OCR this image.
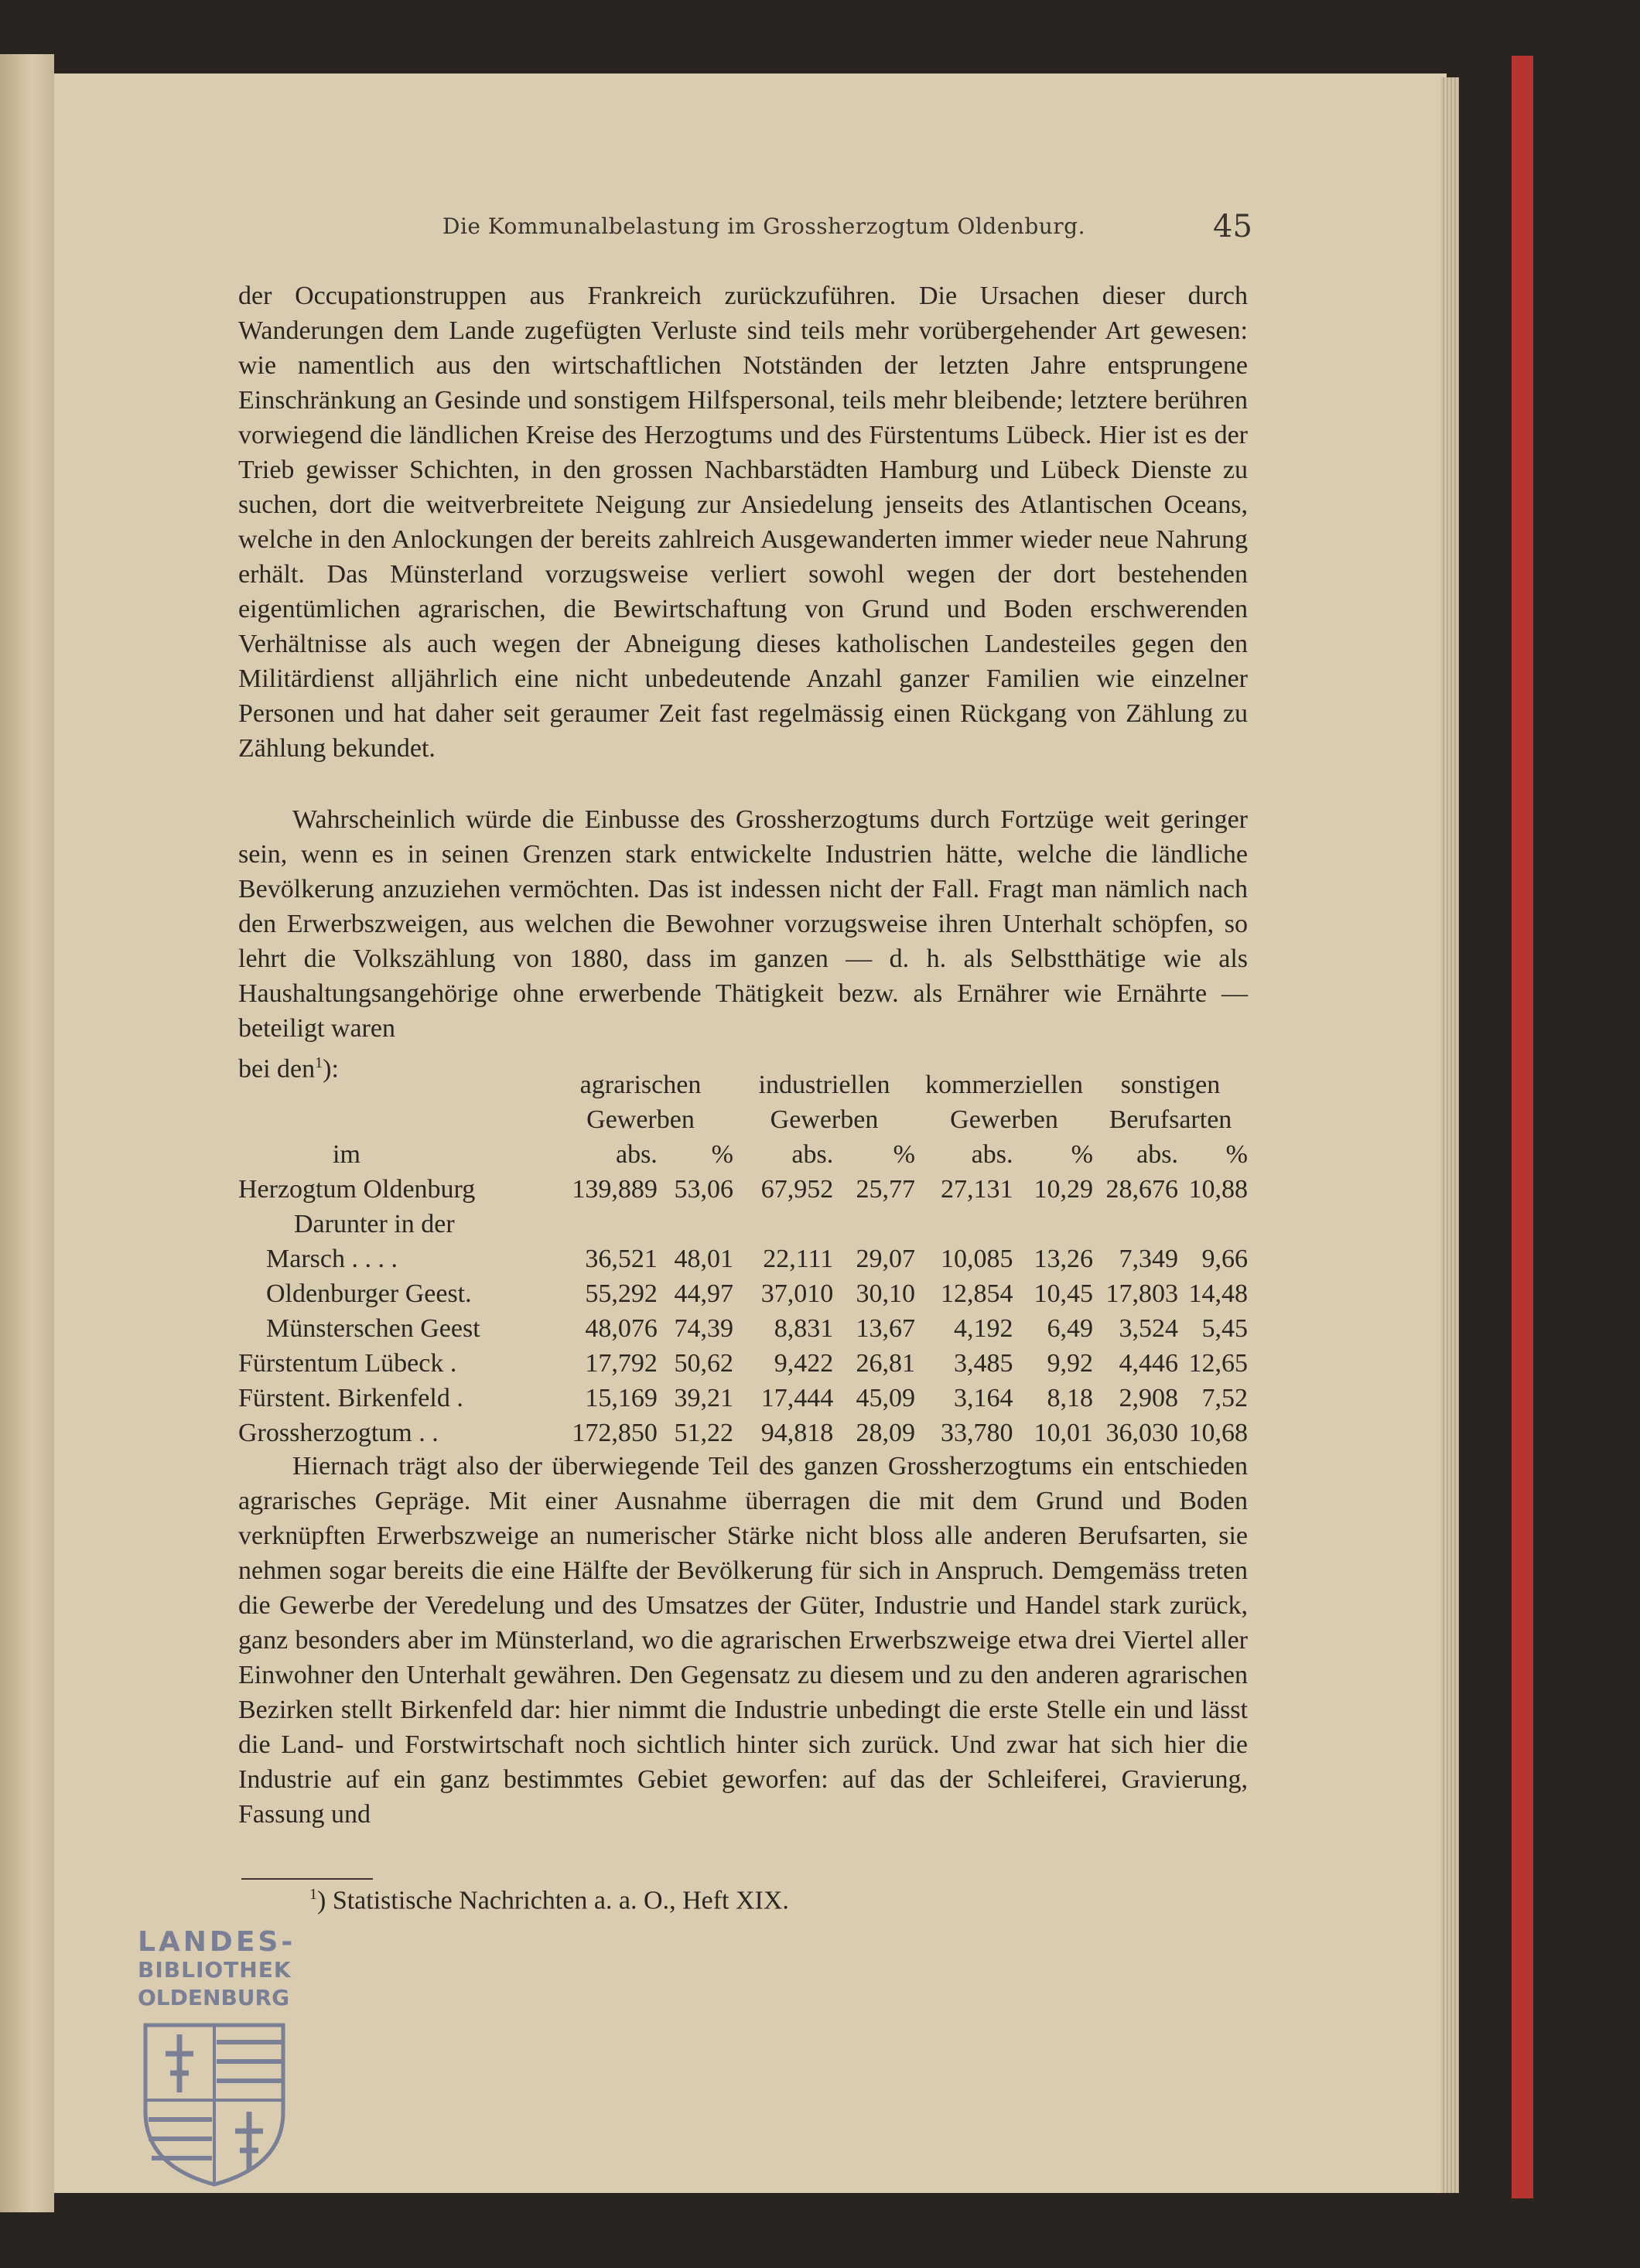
Die Kommunalbelastung im Grossherzogtum Oldenburg.	45

der Occupationstruppen aus Frankreich zurückzuführen. Die Ursachen dieser durch Wanderungen dem Lande zugefügten Verluste sind teils mehr vorübergehender Art gewesen: wie namentlich aus den wirtschaftlichen Notständen der letzten Jahre entsprungene Einschränkung an Gesinde und sonstigem Hilfspersonal, teils mehr bleibende; letztere berühren vorwiegend die ländlichen Kreise des Herzogtums und des Fürstentums Lübeck. Hier ist es der Trieb gewisser Schichten, in den grossen Nachbarstädten Hamburg und Lübeck Dienste zu suchen, dort die weitverbreitete Neigung zur Ansiedelung jenseits des Atlantischen Oceans, welche in den Anlockungen der bereits zahlreich Ausgewanderten immer wieder neue Nahrung erhält. Das Münsterland vorzugsweise verliert sowohl wegen der dort bestehenden eigentümlichen agrarischen, die Bewirtschaftung von Grund und Boden erschwerenden Verhältnisse als auch wegen der Abneigung dieses katholischen Landesteiles gegen den Militärdienst alljährlich eine nicht unbedeutende Anzahl ganzer Familien wie einzelner Personen und hat daher seit geraumer Zeit fast regelmässig einen Rückgang von Zählung zu Zählung bekundet.

Wahrscheinlich würde die Einbusse des Grossherzogtums durch Fortzüge weit geringer sein, wenn es in seinen Grenzen stark entwickelte Industrien hätte, welche die ländliche Bevölkerung anzuziehen vermöchten. Das ist indessen nicht der Fall. Fragt man nämlich nach den Erwerbszweigen, aus welchen die Bewohner vorzugsweise ihren Unterhalt schöpfen, so lehrt die Volkszählung von 1880, dass im ganzen — d. h. als Selbstthätige wie als Haushaltungsangehörige ohne erwerbende Thätigkeit bezw. als Ernährer wie Ernährte — beteiligt waren
bei den$^1$):

	agrarischen		industriellen		kommerziellen		sonstigen	
	Gewerben		Gewerben		Gewerben		Berufsarten	
im	abs.	%	abs.	%	abs.	%	abs.	%
Herzogtum Oldenburg	139,889	53,06	67,952	25,77	27,131	10,29	28,676	10,88
Darunter in der								
Marsch . . . .	36,521	48,01	22,111	29,07	10,085	13,26	7,349	9,66
Oldenburger Geest.	55,292	44,97	37,010	30,10	12,854	10,45	17,803	14,48
Münsterschen Geest	48,076	74,39	8,831	13,67	4,192	6,49	3,524	5,45
Fürstentum Lübeck .	17,792	50,62	9,422	26,81	3,485	9,92	4,446	12,65
Fürstent. Birkenfeld .	15,169	39,21	17,444	45,09	3,164	8,18	2,908	7,52
Grossherzogtum . .	172,850	51,22	94,818	28,09	33,780	10,01	36,030	10,68

Hiernach trägt also der überwiegende Teil des ganzen Grossherzogtums ein entschieden agrarisches Gepräge. Mit einer Ausnahme überragen die mit dem Grund und Boden verknüpften Erwerbszweige an numerischer Stärke nicht bloss alle anderen Berufsarten, sie nehmen sogar bereits die eine Hälfte der Bevölkerung für sich in Anspruch. Demgemäss treten die Gewerbe der Veredelung und des Umsatzes der Güter, Industrie und Handel stark zurück, ganz besonders aber im Münsterland, wo die agrarischen Erwerbszweige etwa drei Viertel aller Einwohner den Unterhalt gewähren. Den Gegensatz zu diesem und zu den anderen agrarischen Bezirken stellt Birkenfeld dar: hier nimmt die Industrie unbedingt die erste Stelle ein und lässt die Land- und Forstwirtschaft noch sichtlich hinter sich zurück. Und zwar hat sich hier die Industrie auf ein ganz bestimmtes Gebiet geworfen: auf das der Schleiferei, Gravierung, Fassung und

$^1$) Statistische Nachrichten a. a. O., Heft XIX.
LANDES-
BIBLIOTHEK
OLDENBURG
